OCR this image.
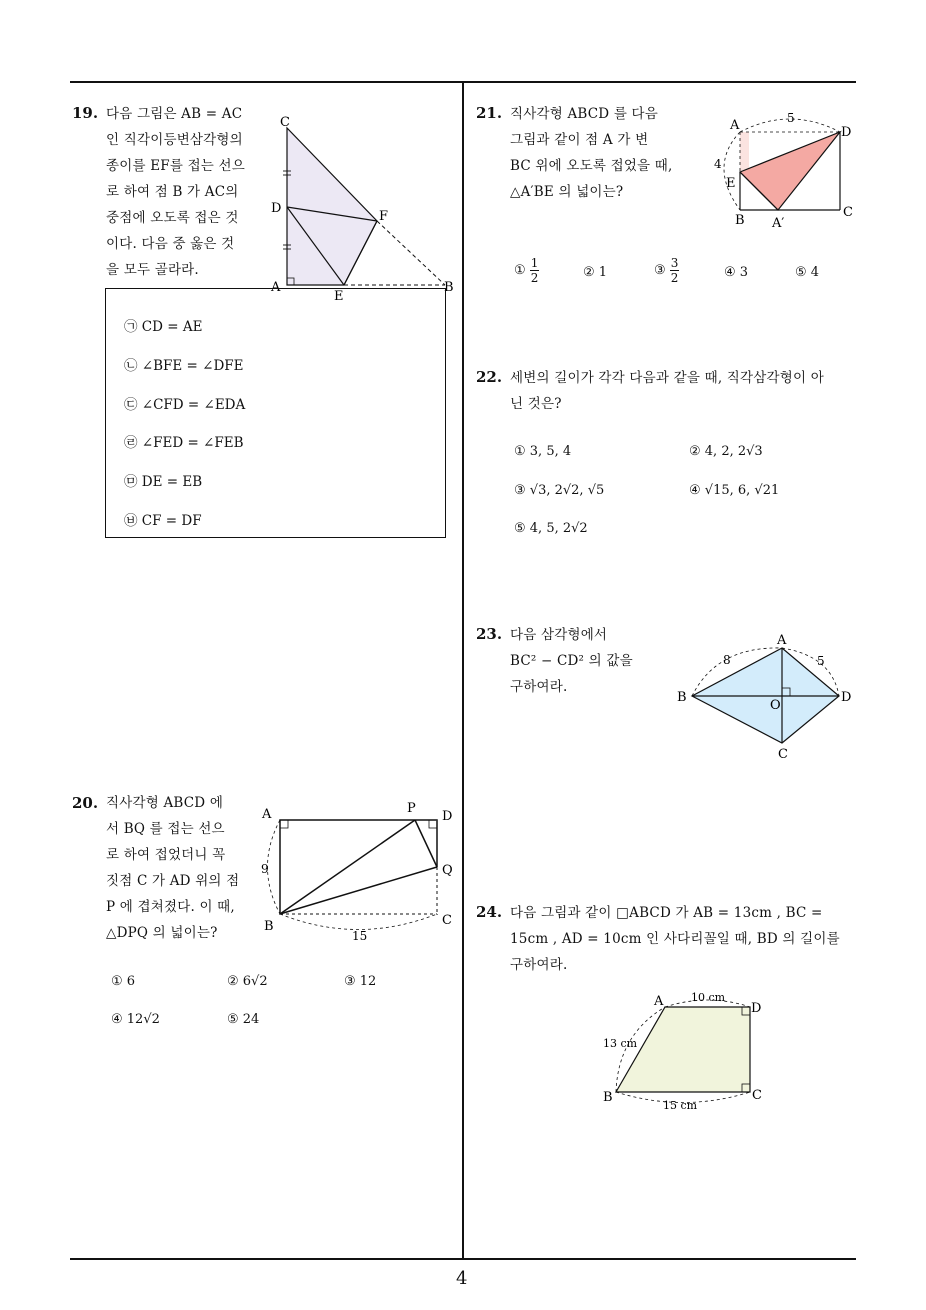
4
19. 다음 그림은 AB = AC
인 직각이등변삼각형의
종이를 EF를 접는 선으
로 하여 점 B 가 AC의
중점에 오도록 접은 것
이다. 다음 중 옳은 것
을 모두 골라라.
C
D
A
E
B
F
㉠ CD = AE
㉡ ∠BFE = ∠DFE
㉢ ∠CFD = ∠EDA
㉣ ∠FED = ∠FEB
㉤ DE = EB
㉥ CF = DF
20. 직사각형 ABCD 에
서 BQ 를 접는 선으
로 하여 접었더니 꼭
짓점 C 가 AD 위의 점
P 에 겹쳐졌다. 이 때,
△DPQ 의 넓이는?
A	P
D
Q
B	C
9
15
① 6	② 6√2	③ 12
④ 12√2	⑤ 24
21. 직사각형 ABCD 를 다음
그림과 같이 점 A 가 변
BC 위에 오도록 접었을 때,
△A′BE 의 넓이는?
A	D
E
B A′
C
5
4
① $\frac{1}{2}$	② 1	③ $\frac{3}{2}$	④ 3	⑤ 4
22. 세변의 길이가 각각 다음과 같을 때, 직각삼각형이 아
닌 것은?
① 3, 5, 4	② 4, 2, 2√3
③ √3, 2√2, √5	④ √15, 6, √21
⑤ 4, 5, 2√2
23. 다음 삼각형에서
BC² − CD² 의 값을
구하여라.
A
B
O
D
C
8	5
24. 다음 그림과 같이 □ABCD 가 AB = 13cm , BC =
15cm , AD = 10cm 인 사다리꼴일 때, BD 의 길이를
구하여라.
A	D
B	C
10 cm
13 cm
15 cm
